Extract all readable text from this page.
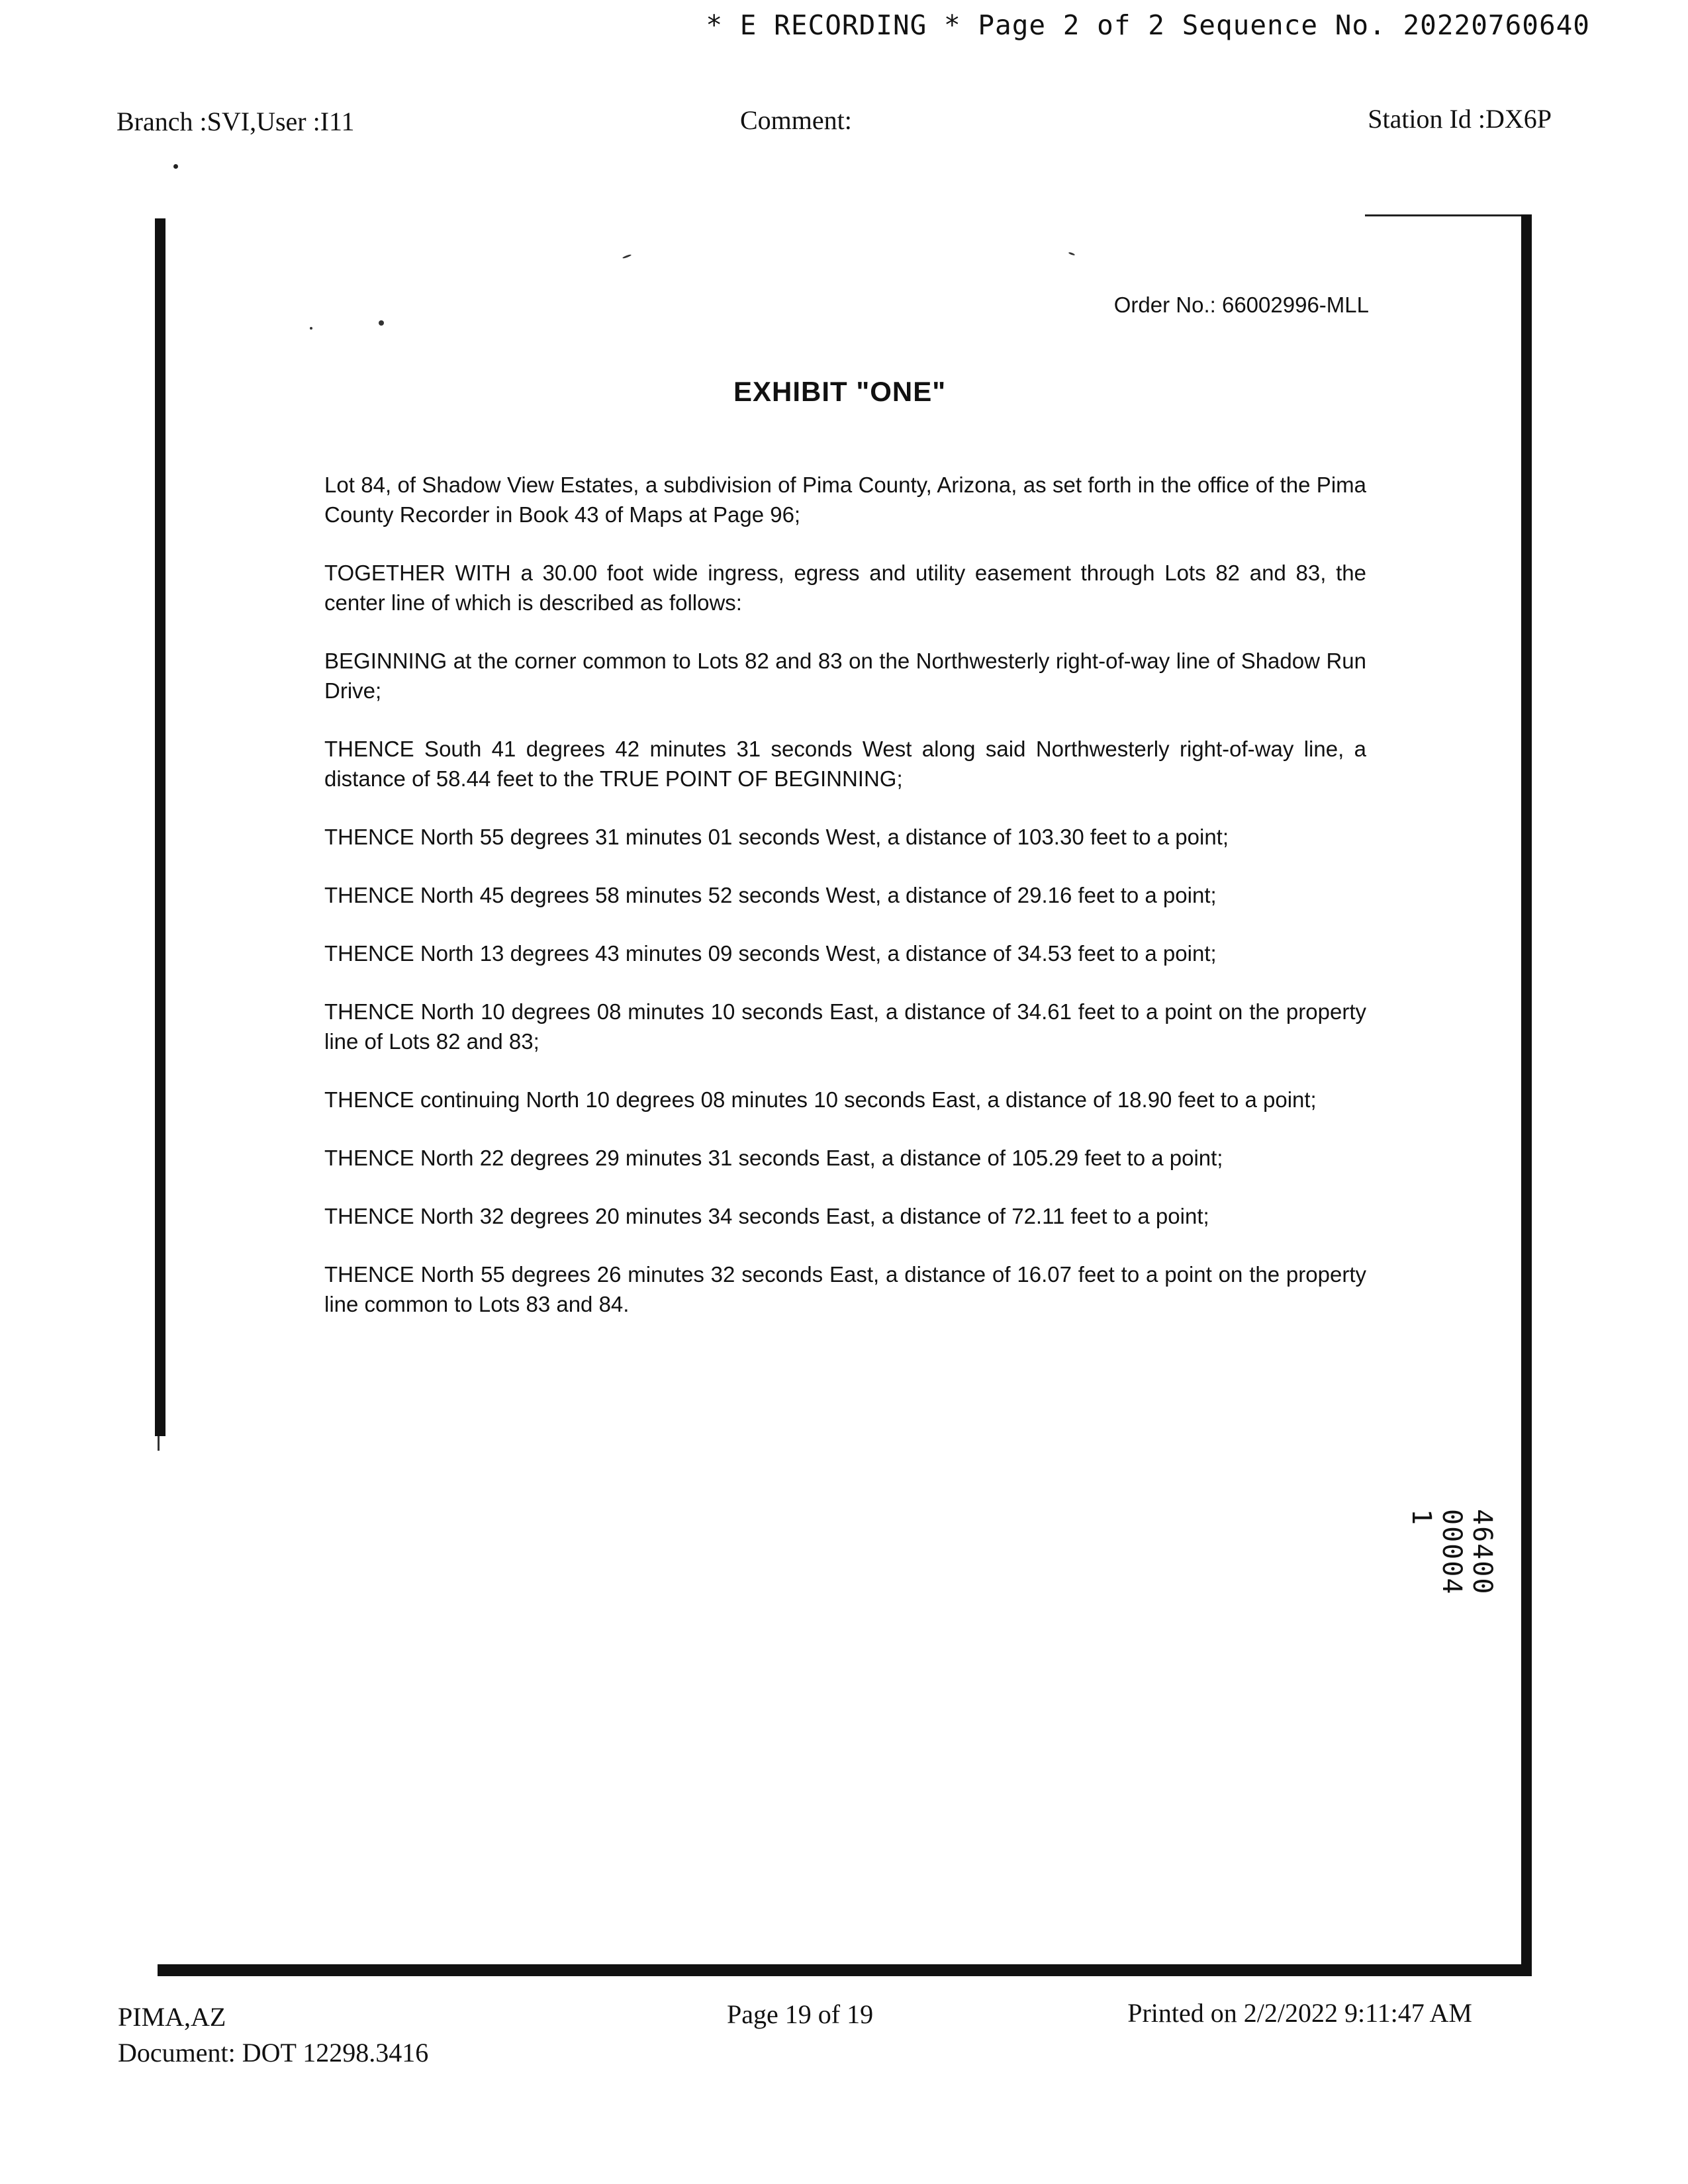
* E RECORDING * Page 2 of 2 Sequence No. 20220760640
Branch :SVI,User :I11	Comment:	Station Id :DX6P
Order No.: 66002996-MLL
EXHIBIT "ONE"

Lot 84, of Shadow View Estates, a subdivision of Pima County, Arizona, as set forth in the office of the Pima County Recorder in Book 43 of Maps at Page 96;

TOGETHER WITH a 30.00 foot wide ingress, egress and utility easement through Lots 82 and 83, the center line of which is described as follows:

BEGINNING at the corner common to Lots 82 and 83 on the Northwesterly right-of-way line of Shadow Run Drive;

THENCE South 41 degrees 42 minutes 31 seconds West along said Northwesterly right-of-way line, a distance of 58.44 feet to the TRUE POINT OF BEGINNING;

THENCE North 55 degrees 31 minutes 01 seconds West, a distance of 103.30 feet to a point;

THENCE North 45 degrees 58 minutes 52 seconds West, a distance of 29.16 feet to a point;

THENCE North 13 degrees 43 minutes 09 seconds West, a distance of 34.53 feet to a point;

THENCE North 10 degrees 08 minutes 10 seconds East, a distance of 34.61 feet to a point on the property line of Lots 82 and 83;

THENCE continuing North 10 degrees 08 minutes 10 seconds East, a distance of 18.90 feet to a point;

THENCE North 22 degrees 29 minutes 31 seconds East, a distance of 105.29 feet to a point;

THENCE North 32 degrees 20 minutes 34 seconds East, a distance of 72.11 feet to a point;

THENCE North 55 degrees 26 minutes 32 seconds East, a distance of 16.07 feet to a point on the property line common to Lots 83 and 84.

46400 00004 1
PIMA,AZ
Document: DOT 12298.3416
Page 19 of 19	Printed on 2/2/2022 9:11:47 AM
